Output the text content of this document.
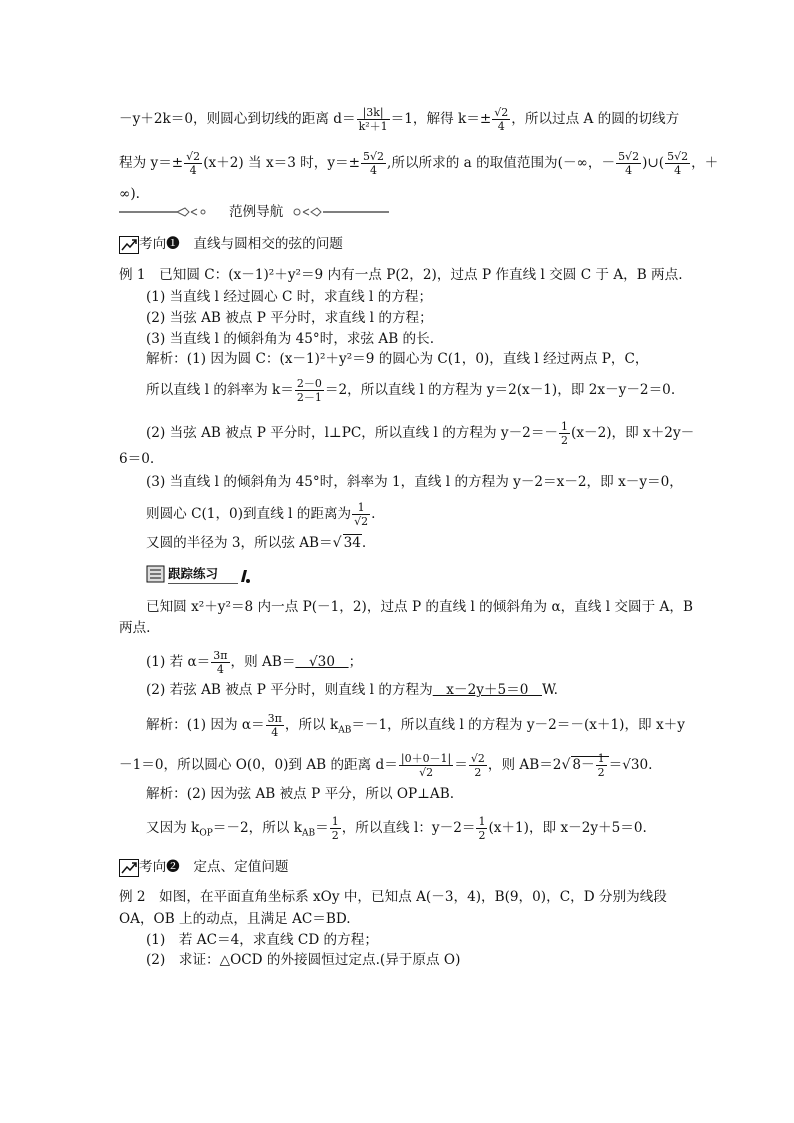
－y＋2k＝0，则圆心到切线的距离 $d= \frac{|3k|}{\text{k²＋1}} =1$，解得 $k=\pm \frac{√2}{4}$ ，所以过点 A 的圆的切线方
程为 $y=\pm \frac{√2}{4} (x+2)$ 当 x＝3 时，$y=\pm \frac{5√2}{4}$ ,所以所求的 a 的取值范围为(－∞，－ $\frac{5√2}{4}$ )∪( $\frac{5√2}{4}$ ，＋
∞).
范例导航
考向❶　 直线与圆相交的弦的问题
例 1　已知圆 C：(x－1)²＋y²＝9 内有一点 P(2，2)，过点 P 作直线 l 交圆 C 于 A，B 两点.
(1) 当直线 l 经过圆心 C 时，求直线 l 的方程；
(2) 当弦 AB 被点 P 平分时，求直线 l 的方程；
(3) 当直线 l 的倾斜角为 45°时，求弦 AB 的长.
解析：(1) 因为圆 C：(x－1)²＋y²＝9 的圆心为 C(1，0)，直线 l 经过两点 P，C，
所以直线 l 的斜率为 $k= \frac{2-0}{2-1} =2$，所以直线 l 的方程为 y＝2(x－1)，即 2x－y－2＝0.
(2) 当弦 AB 被点 P 平分时，l⊥PC，所以直线 l 的方程为 $y-2=- \frac{1}{2} (x-2)$，即 x＋2y－
6＝0.
(3) 当直线 l 的倾斜角为 45°时，斜率为 1，直线 l 的方程为 y－2＝x－2，即 x－y＝0，
则圆心 C(1，0)到直线 l 的距离为 $\frac{1}{√2}$ .
又圆的半径为 3，所以弦 AB＝√ 34.
跟踪练习
已知圆 x²＋y²＝8 内一点 P(－1，2)，过点 P 的直线 l 的倾斜角为 α，直线 l 交圆于 A，B
两点.
(1) 若 $\alpha= \frac{3\pi}{4}$ ，则 AB＝　√30　；
(2) 若弦 AB 被点 P 平分时，则直线 l 的方程为　x－2y＋5＝0　W.
解析：(1) 因为 $\alpha= \frac{3\pi}{4}$ ，所以 $k_{AB}=-1$，所以直线 l 的方程为 y－2＝－(x＋1)，即 x＋y
－1＝0，所以圆心 O(0，0)到 AB 的距离 $d= \frac{|0+0-1|}{√2} = \frac{√2}{2}$ ，则 AB＝2√ $8- \frac{1}{2} =√30$.
解析：(2) 因为弦 AB 被点 P 平分，所以 OP⊥AB.
又因为 $k_{OP}=-2$，所以 $k_{AB}= \frac{1}{2}$ ，所以直线 l：$y-2= \frac{1}{2} (x+1)$，即 x－2y＋5＝0.
考向❷　 定点、定值问题
例 2　如图，在平面直角坐标系 xOy 中，已知点 A(－3，4)，B(9，0)，C，D 分别为线段
OA，OB 上的动点，且满足 AC＝BD.
(1)　若 AC＝4，求直线 CD 的方程；
(2)　求证：△OCD 的外接圆恒过定点.(异于原点 O)
